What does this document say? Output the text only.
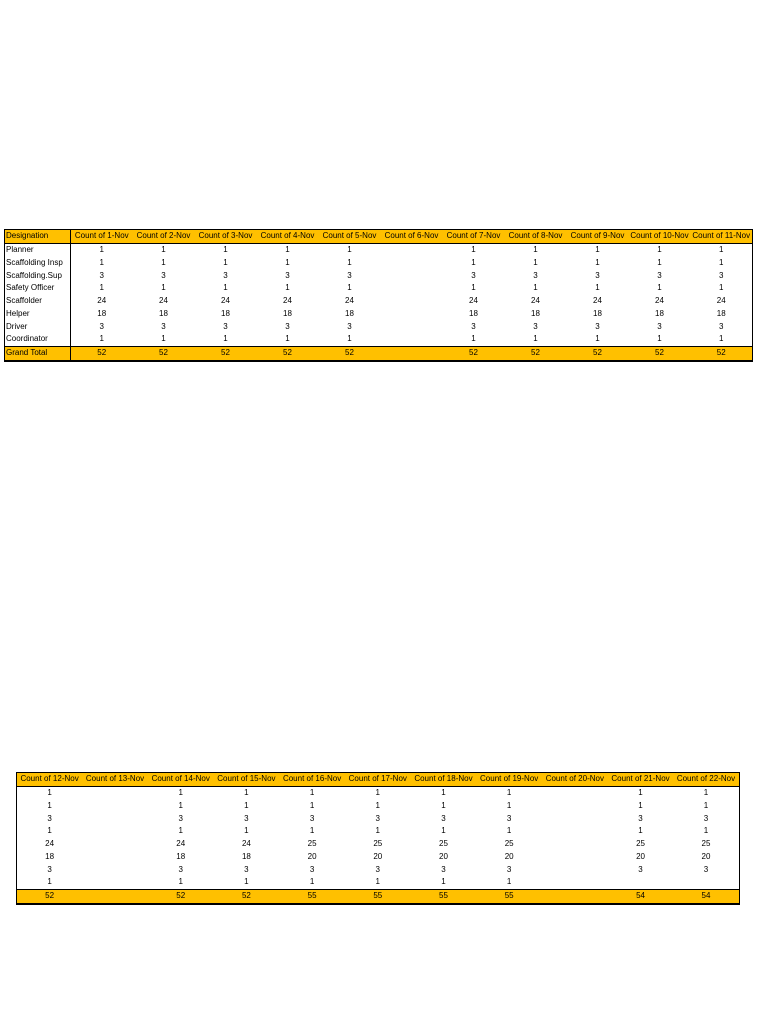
Designation	Count of 1-Nov	Count of 2-Nov	Count of 3-Nov	Count of 4-Nov	Count of 5-Nov	Count of 6-Nov	Count of 7-Nov	Count of 8-Nov	Count of 9-Nov	Count of 10-Nov	Count of 11-Nov
Planner	1	1	1	1	1		1	1	1	1	1
Scaffolding Insp	1	1	1	1	1		1	1	1	1	1
Scaffolding.Sup	3	3	3	3	3		3	3	3	3	3
Safety Officer	1	1	1	1	1		1	1	1	1	1
Scaffolder	24	24	24	24	24		24	24	24	24	24
Helper	18	18	18	18	18		18	18	18	18	18
Driver	3	3	3	3	3		3	3	3	3	3
Coordinator	1	1	1	1	1		1	1	1	1	1
Grand Total	52	52	52	52	52		52	52	52	52	52
Count of 12-Nov	Count of 13-Nov	Count of 14-Nov	Count of 15-Nov	Count of 16-Nov	Count of 17-Nov	Count of 18-Nov	Count of 19-Nov	Count of 20-Nov	Count of 21-Nov	Count of 22-Nov
1		1	1	1	1	1	1		1	1
1		1	1	1	1	1	1		1	1
3		3	3	3	3	3	3		3	3
1		1	1	1	1	1	1		1	1
24		24	24	25	25	25	25		25	25
18		18	18	20	20	20	20		20	20
3		3	3	3	3	3	3		3	3
1		1	1	1	1	1	1			
52		52	52	55	55	55	55		54	54
